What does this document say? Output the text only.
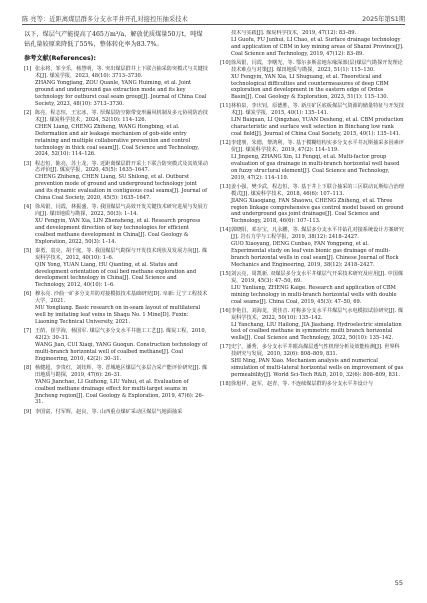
陈 亮等：近距离煤层群多分支水平井开孔对接控压抽采技术	2025年第S1期

以下，煤层气产能提高了465万m³/a，解放优质煤量50万t，吨煤钻孔量较原来降低了55%，整体转化率为83.7%。

参考文献(References):
[1] 张永将，邹全乐，杨慧明，等. 突出煤层群井上下联合抽采防突模式与关键技术[J]. 煤炭学报，2023, 48(10): 3713–3730.
ZHANG Yongjiang, ZOU Quanle, YANG Huiming, et al. Joint ground and underground gas extraction mode and its key technology for outburst coal seam group[J]. Journal of China Coal Society, 2023, 48(10): 3713–3730.
[2] 陈亮，程志恒，王宏冰，等. 厚煤层防空隙带变形漏风机制及多元协同防治技术[J]. 煤炭科学技术，2024, 52(10): 114–126.
CHEN Liang, CHENG Zhiheng, WANG Hongbing, et al. Deformation and air leakage mechanism of gob-side entry retaining and multiple collaborative prevention and control technology in thick coal seam[J]. Coal Science and Technology, 2024, 52(10): 114–126.
[3] 程志恒，陈亮，苏士龙，等. 近距离煤层群开采上下联合防突模式及其效果动态评价[J]. 煤炭学报，2020, 45(5): 1635–1647.
CHENG Zhiheng, CHEN Liang, SU Shilong, et al. Outburst prevention mode of ground and underground technology joint and its dynamic evaluation in contiguous coal seams[J]. Journal of China Coal Society, 2020, 45(5): 1635–1647.
[4] 徐凤银，闫霞，林振盛，等. 我国煤层气高效开发关键技术研究进展与发展方向[J]. 煤田地质与勘探，2022, 50(3): 1–14.
XU Fengyin, YAN Xia, LIN Zhensheng, et al. Research progress and development direction of key technologies for efficient coalbed methane development in China[J]. Coal Geology & Exploration, 2022, 50(3): 1–14.
[5] 秦勇，袁亮，胡千庭，等. 我国煤层气勘探与开发技术现状及发展方向[J]. 煤炭科学技术，2012, 40(10): 1–6.
QIN Yong, YUAN Liang, HU Qianting, et al. Status and development orientation of coal bed methane exploration and development technology in China[J]. Coal Science and Technology, 2012, 40(10): 1–6.
[6] 穆永亮. 沙曲一矿多分支井防对接模拟技术基础研究[D]. 阜新: 辽宁工程技术大学，2021.
MU Yongliang. Basic research on in-seam layout of multilateral well by imitating leaf veins in Shaqu No. 1 Mine[D]. Fuxin: Liaoning Technical University, 2021.
[7] 王荫，崔学海，杨国军. 煤层气多分支水平井施工工艺[J]. 煤炭工程，2010, 42(2): 30–31.
WANG Jian, CUI Xiaqi, YANG Guoqun. Construction technology of multi-branch horizontal well of coalbed methane[J]. Coal Engineering, 2010, 42(2): 30–31.
[8] 杨健超，李贵红，刘钰辉，等. 晋城地区煤层气多层合采产能评价研究[J]. 煤田地质与勘探，2019, 47(6): 26–31.
YANG Jianchao, LI Guihong, LIU Yuhui, et al. Evaluation of coalbed methane drainage effect for multi-target seams in Jincheng region[J]. Coal Geology & Exploration, 2019, 47(6): 26–31.
[9] 李国富，付军辉，赵良，等. 山西重点煤矿采动区煤层气地面抽采
技术与实践[J]. 煤炭科学技术，2019, 47(12): 83–89.
LI Guofu, FU Junhui, LI Chao, et al. Surface drainage technology and application of CBM in key mining areas of Shanxi Province[J]. Coal Science and Technology, 2019, 47(12): 83–89.
[10] 徐凤银，闫霞，李曙光，等. 鄂尔多斯盆地东缘深部(层)煤层气勘探开发理论技术难点与对策[J]. 煤田地质与勘探，2023, 51(1): 115–130.
XU Fengyin, YAN Xia, LI Shuguang, et al. Theoretical and technological difficulties and countermeasures of deep CBM exploration and development in the eastern edge of Ordos Basin[J]. Coal Geology & Exploration, 2023, 51(1): 115–130.
[11] 林柏泉，李庆钊，原德胜，等. 新庄矿区底板煤层气资源的储量特征与开发技术[J]. 煤炭学报，2015, 40(1): 135–141.
LIN Baiquan, LI Qingzhao, YUAN Desheng, et al. CBM production characteristic and surface well selection in Binchang low rank coal field[J]. Journal of China Coal Society, 2015, 40(1): 135–141.
[12] 李建朋，朱德，黎鸿利，等. 基于模糊结构实多分支水平井瓦斯抽采多因素评价[J]. 煤炭科学技术，2019, 47(2): 114–119.
LI Jinpeng, ZHANG Xin, LI Fengqi, et al. Multi-factor group evaluation of gas drainage in multi-branch horizontal well based on fuzzy structural element[J]. Coal Science and Technology, 2019, 47(2): 114–119.
[13] 姜小强，樊少武，程志恒，等. 基于井上下联合抽采的三区联动瓦斯综合治理模式[J]. 煤炭科学技术，2018, 46(6): 107–113.
JIANG Xiaoqiang, FAN Shaowu, CHENG Zhiheng, et al. Three region linkage comprehensive gas control model based on ground and underground gas joint drainage[J]. Coal Science and Technology, 2018, 46(6): 107–113.
[14] 郭晓阳，邓存宝，凡永鹏，等. 煤层多分支水平井钻孔对接系统设计方案研究[J]. 岩石力学与工程学报，2019, 38(12): 2418–2427.
GUO Xiaoyang, DENG Cunbao, FAN Yongpeng, et al. Experimental study on leaf vein bionic gas drainage of multi-branch horizontal wells in coal seam[J]. Chinese Journal of Rock Mechanics and Engineering, 2019, 38(12): 2418–2427.
[15] 刘云亮，周凯新. 双煤层多分支水平井煤层气开采技术研究及应用[J]. 中国煤炭，2019, 45(3): 47–50, 69.
LIU Yunliang, ZHENG Kaige. Research and application of CBM mining technology in multi-branch horizontal wells with double coal seams[J]. China Coal, 2019, 45(3): 47–50, 69.
[16] 李艳昌，刘海龙，贾佳音. 对称多分支水平井煤层气水电模拟试验研究[J]. 煤炭科学技术，2022, 50(10): 135–142.
LI Yanchang, LIU Hailong, JIA Jiashang. Hydroelectric simulation test of coalbed methane in symmetric multi branch horizontal wells[J]. Coal Science and Technology, 2022, 50(10): 135–142.
[17] 史宁，潘秀，多分支水平井眼高煤层透气性机理分析及效能检测[J]. 世界科技研究与发展，2010, 32(6): 808–809, 831.
SHI Ning, PAN Xiao. Mechanism analysis and numerical simulation of multi-lateral horizontal wells on improvement of gas permeability[J]. World Sci-Tech R&D, 2010, 32(6): 808–809, 831.
[18] 徐旭祥，赵军，赵青，等. 不连续煤层群的多分支水平井设计与
55
